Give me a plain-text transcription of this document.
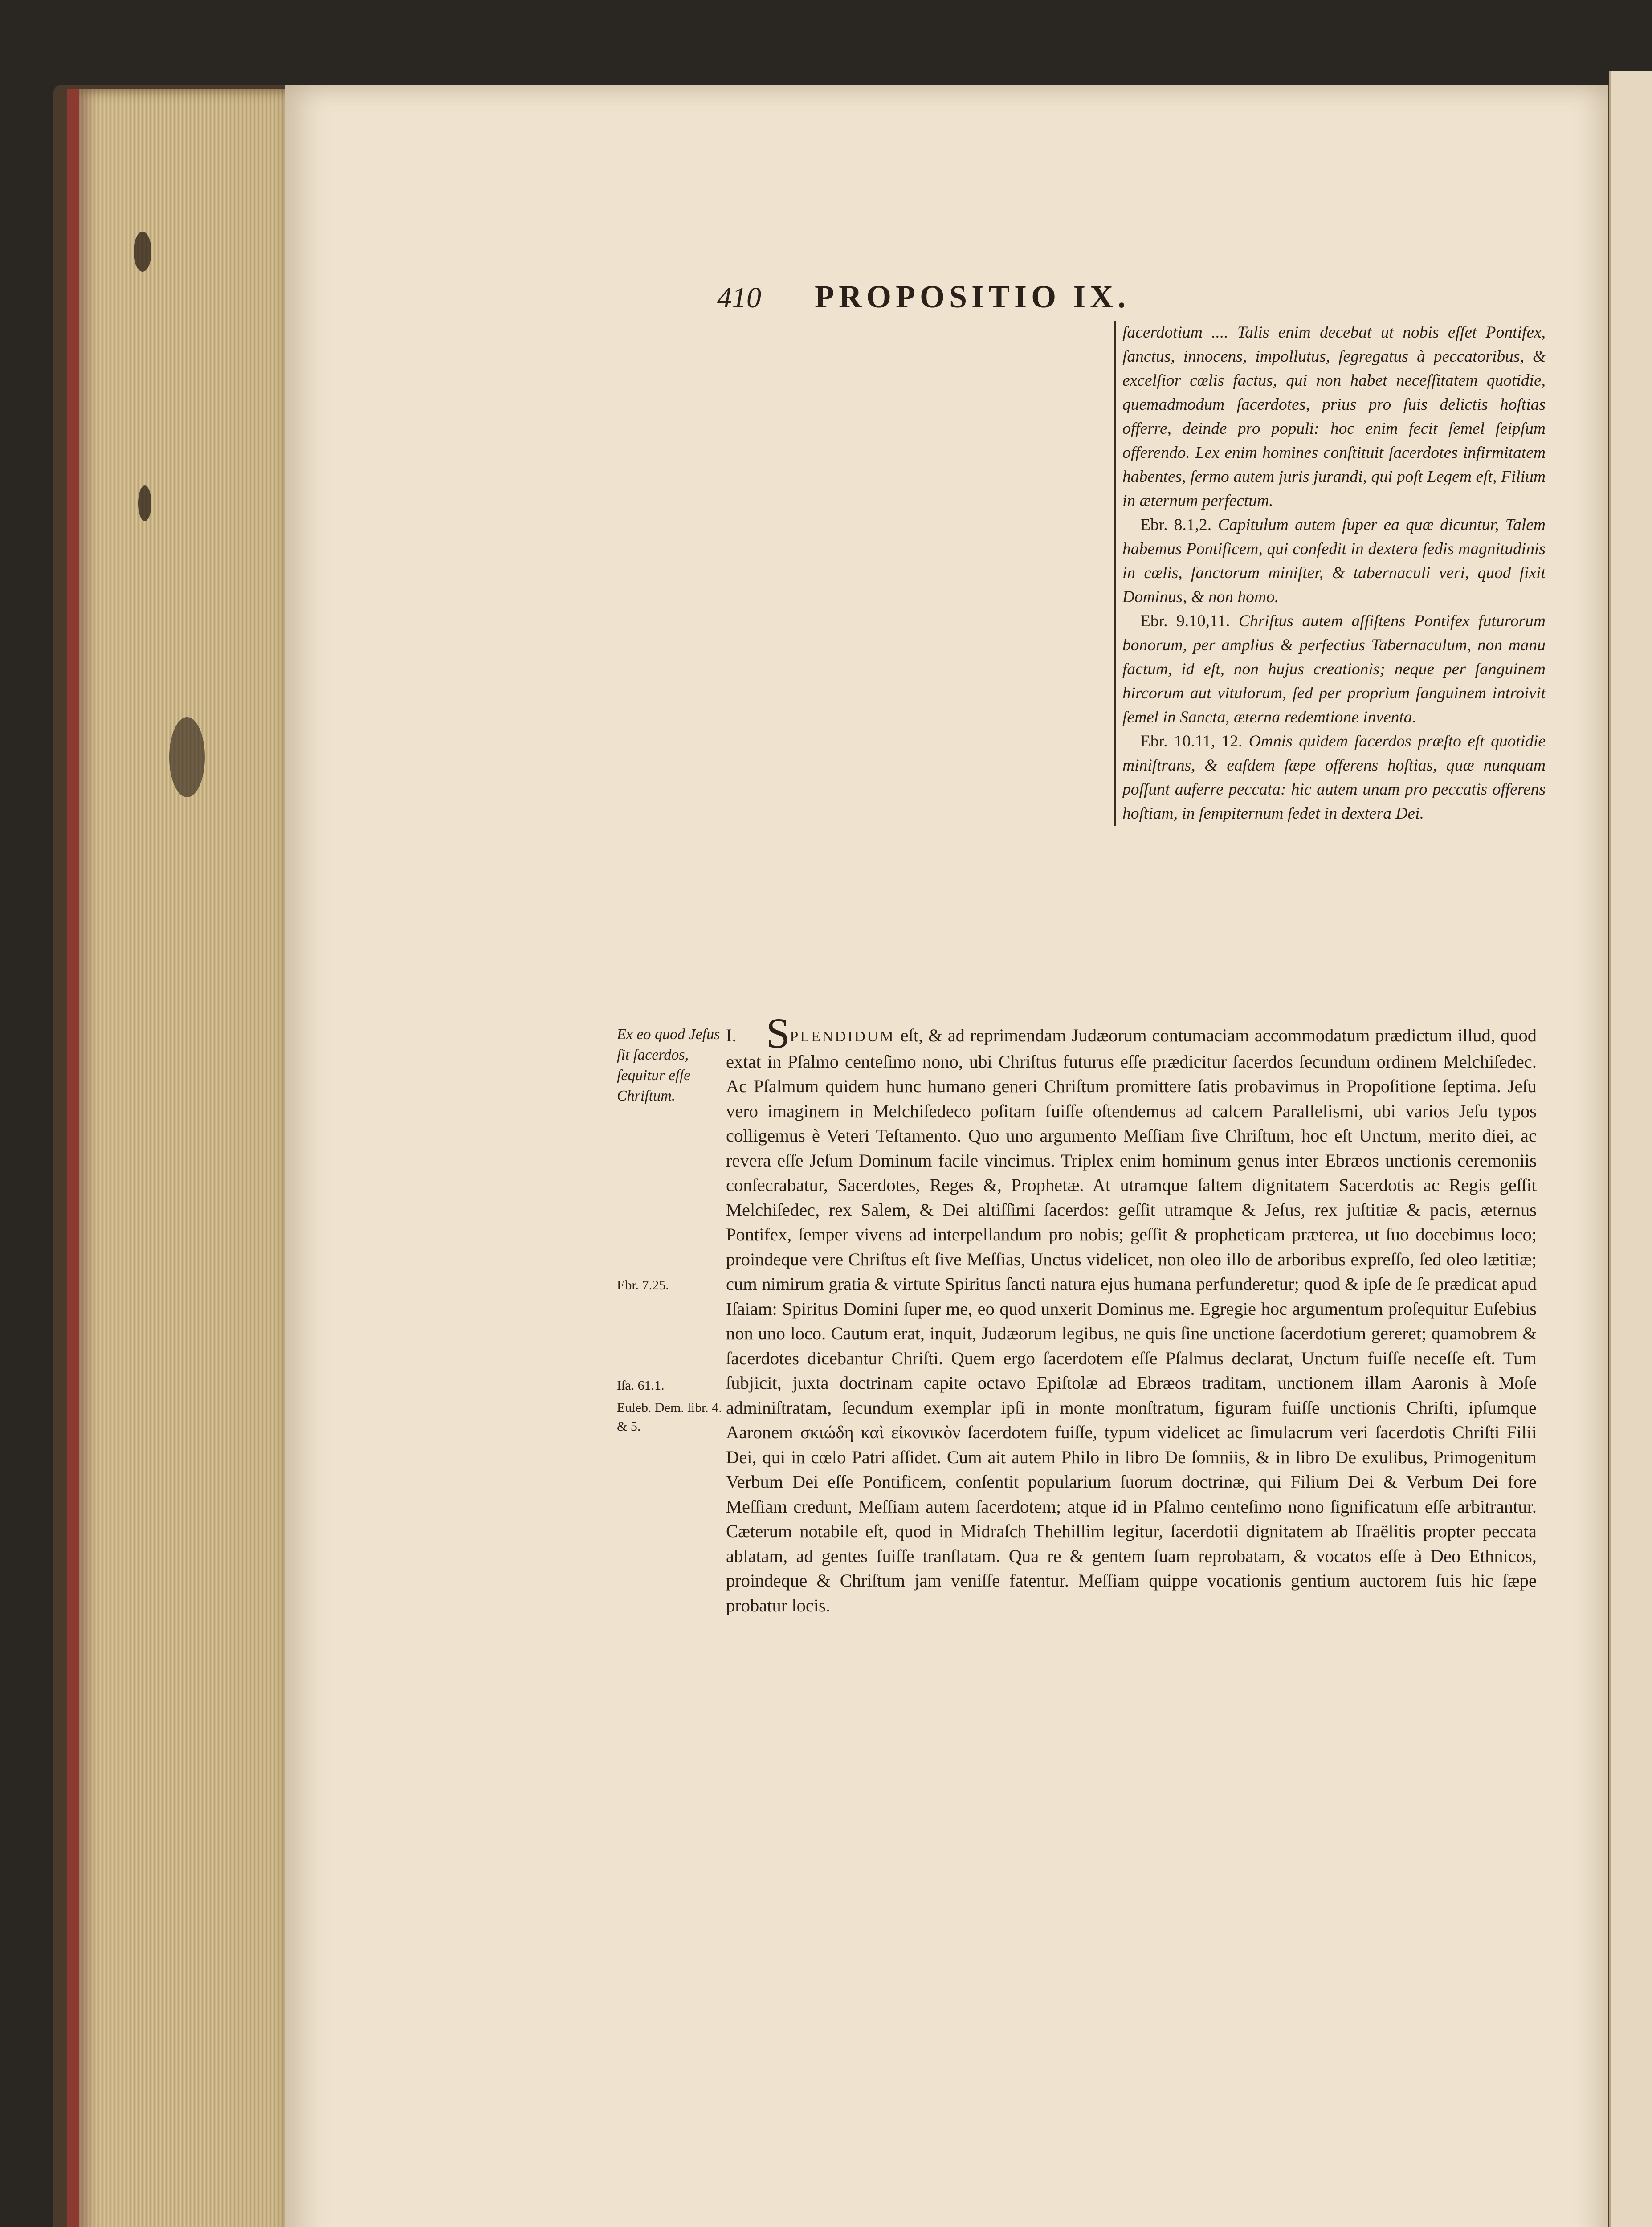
410 PROPOSITIO IX.

ſacerdotium .... Talis enim decebat ut nobis eſſet Pontifex, ſanctus, innocens, impollutus, ſegregatus à peccatoribus, & excelſior cœlis factus, qui non habet neceſſitatem quotidie, quemadmodum ſacerdotes, prius pro ſuis delictis hoſtias offerre, deinde pro populi: hoc enim fecit ſemel ſeipſum offerendo. Lex enim homines conſtituit ſacerdotes infirmitatem habentes, ſermo autem juris jurandi, qui poſt Legem eſt, Filium in æternum perfectum.

Ebr. 8.1,2. Capitulum autem ſuper ea quæ dicuntur, Talem habemus Pontificem, qui conſedit in dextera ſedis magnitudinis in cœlis, ſanctorum miniſter, & tabernaculi veri, quod fixit Dominus, & non homo.

Ebr. 9.10,11. Chriſtus autem aſſiſtens Pontifex futurorum bonorum, per amplius & perfectius Tabernaculum, non manu factum, id eſt, non hujus creationis; neque per ſanguinem hircorum aut vitulorum, ſed per proprium ſanguinem introivit ſemel in Sancta, æterna redemtione inventa.

Ebr. 10.11, 12. Omnis quidem ſacerdos præſto eſt quotidie miniſtrans, & eaſdem ſæpe offerens hoſtias, quæ nunquam poſſunt auferre peccata: hic autem unam pro peccatis offerens hoſtiam, in ſempiternum ſedet in dextera Dei.

Ex eo quod Jeſus ſit ſacerdos, ſequitur eſſe Chriſtum.
Ebr. 7.25.
Iſa. 61.1.
Euſeb. Dem. libr. 4. & 5.

I. SPLENDIDUM eſt, & ad reprimendam Judæorum contumaciam accommodatum prædictum illud, quod extat in Pſalmo centeſimo nono, ubi Chriſtus futurus eſſe prædicitur ſacerdos ſecundum ordinem Melchiſedec. Ac Pſalmum quidem hunc humano generi Chriſtum promittere ſatis probavimus in Propoſitione ſeptima. Jeſu vero imaginem in Melchiſedeco poſitam fuiſſe oſtendemus ad calcem Parallelismi, ubi varios Jeſu typos colligemus è Veteri Teſtamento. Quo uno argumento Meſſiam ſive Chriſtum, hoc eſt Unctum, merito diei, ac revera eſſe Jeſum Dominum facile vincimus. Triplex enim hominum genus inter Ebræos unctionis ceremoniis conſecrabatur, Sacerdotes, Reges &, Prophetæ. At utramque ſaltem dignitatem Sacerdotis ac Regis geſſit Melchiſedec, rex Salem, & Dei altiſſimi ſacerdos: geſſit utramque & Jeſus, rex juſtitiæ & pacis, æternus Pontifex, ſemper vivens ad interpellandum pro nobis; geſſit & propheticam præterea, ut ſuo docebimus loco; proindeque vere Chriſtus eſt ſive Meſſias, Unctus videlicet, non oleo illo de arboribus expreſſo, ſed oleo lætitiæ; cum nimirum gratia & virtute Spiritus ſancti natura ejus humana perfunderetur; quod & ipſe de ſe prædicat apud Iſaiam: Spiritus Domini ſuper me, eo quod unxerit Dominus me. Egregie hoc argumentum proſequitur Euſebius non uno loco. Cautum erat, inquit, Judæorum legibus, ne quis ſine unctione ſacerdotium gereret; quamobrem & ſacerdotes dicebantur Chriſti. Quem ergo ſacerdotem eſſe Pſalmus declarat, Unctum fuiſſe neceſſe eſt. Tum ſubjicit, juxta doctrinam capite octavo Epiſtolæ ad Ebræos traditam, unctionem illam Aaronis à Moſe adminiſtratam, ſecundum exemplar ipſi in monte monſtratum, figuram fuiſſe unctionis Chriſti, ipſumque Aaronem σκιώδη καὶ εἰκονικὸν ſacerdotem fuiſſe, typum videlicet ac ſimulacrum veri ſacerdotis Chriſti Filii Dei, qui in cœlo Patri aſſidet. Cum ait autem Philo in libro De ſomniis, & in libro De exulibus, Primogenitum Verbum Dei eſſe Pontificem, conſentit popularium ſuorum doctrinæ, qui Filium Dei & Verbum Dei fore Meſſiam credunt, Meſſiam autem ſacerdotem; atque id in Pſalmo centeſimo nono ſignificatum eſſe arbitrantur. Cæterum notabile eſt, quod in Midraſch Thehillim legitur, ſacerdotii dignitatem ab Iſraëlitis propter peccata ablatam, ad gentes fuiſſe tranſlatam. Qua re & gentem ſuam reprobatam, & vocatos eſſe à Deo Ethnicos, proindeque & Chriſtum jam veniſſe fatentur. Meſſiam quippe vocationis gentium auctorem ſuis hic ſæpe probatur locis.
